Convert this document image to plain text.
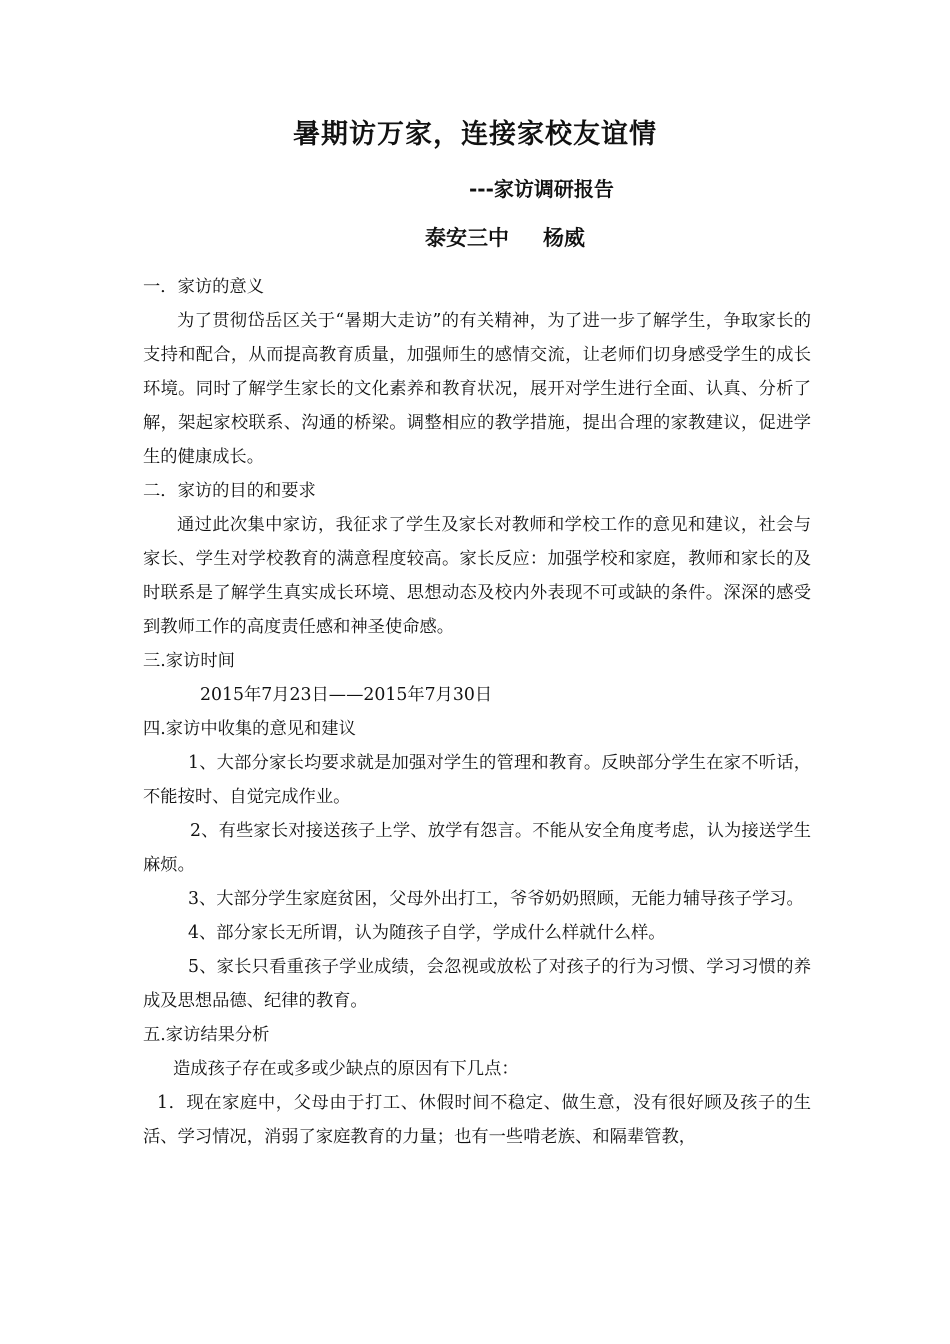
暑期访万家，连接家校友谊情
---家访调研报告
泰安三中 杨威

一．家访的意义

为了贯彻岱岳区关于“暑期大走访”的有关精神，为了进一步了解学生，争取家长的支持和配合，从而提高教育质量，加强师生的感情交流，让老师们切身感受学生的成长环境。同时了解学生家长的文化素养和教育状况，展开对学生进行全面、认真、分析了解，架起家校联系、沟通的桥梁。调整相应的教学措施，提出合理的家教建议，促进学生的健康成长。

二．家访的目的和要求

通过此次集中家访，我征求了学生及家长对教师和学校工作的意见和建议，社会与家长、学生对学校教育的满意程度较高。家长反应：加强学校和家庭，教师和家长的及时联系是了解学生真实成长环境、思想动态及校内外表现不可或缺的条件。深深的感受到教师工作的高度责任感和神圣使命感。

三.家访时间

2015年7月23日——2015年7月30日

四.家访中收集的意见和建议

1、大部分家长均要求就是加强对学生的管理和教育。反映部分学生在家不听话，不能按时、自觉完成作业。

2、有些家长对接送孩子上学、放学有怨言。不能从安全角度考虑，认为接送学生麻烦。

3、大部分学生家庭贫困，父母外出打工，爷爷奶奶照顾，无能力辅导孩子学习。

4、部分家长无所谓，认为随孩子自学，学成什么样就什么样。

5、家长只看重孩子学业成绩，会忽视或放松了对孩子的行为习惯、学习习惯的养成及思想品德、纪律的教育。

五.家访结果分析

造成孩子存在或多或少缺点的原因有下几点：

1．现在家庭中，父母由于打工、休假时间不稳定、做生意，没有很好顾及孩子的生活、学习情况，消弱了家庭教育的力量；也有一些啃老族、和隔辈管教，
